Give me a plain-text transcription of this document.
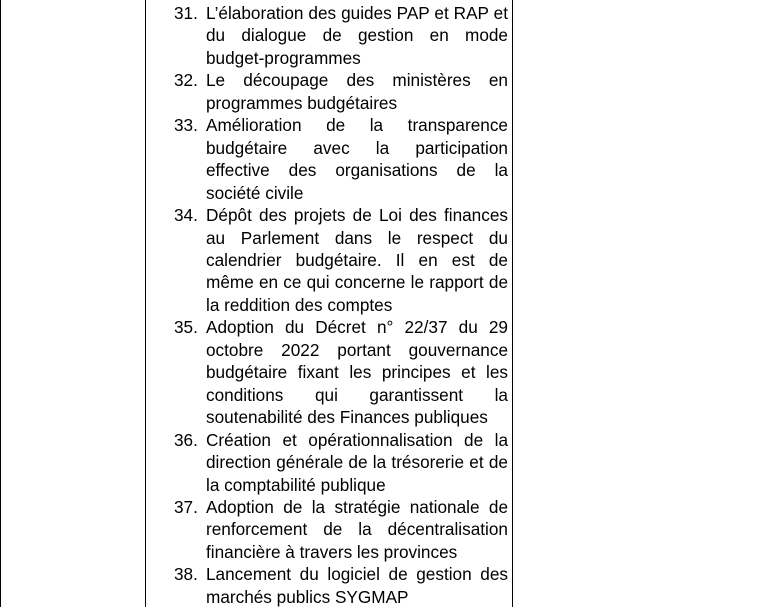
31. L’élaboration des guides PAP et RAP et du dialogue de gestion en mode budget-programmes
32. Le découpage des ministères en programmes budgétaires
33. Amélioration de la transparence budgétaire avec la participation effective des organisations de la société civile
34. Dépôt des projets de Loi des finances au Parlement dans le respect du calendrier budgétaire. Il en est de même en ce qui concerne le rapport de la reddition des comptes
35. Adoption du Décret n° 22/37 du 29 octobre 2022 portant gouvernance budgétaire fixant les principes et les conditions qui garantissent la soutenabilité des Finances publiques
36. Création et opérationnalisation de la direction générale de la trésorerie et de la comptabilité publique
37. Adoption de la stratégie nationale de renforcement de la décentralisation financière à travers les provinces
38. Lancement du logiciel de gestion des marchés publics SYGMAP
